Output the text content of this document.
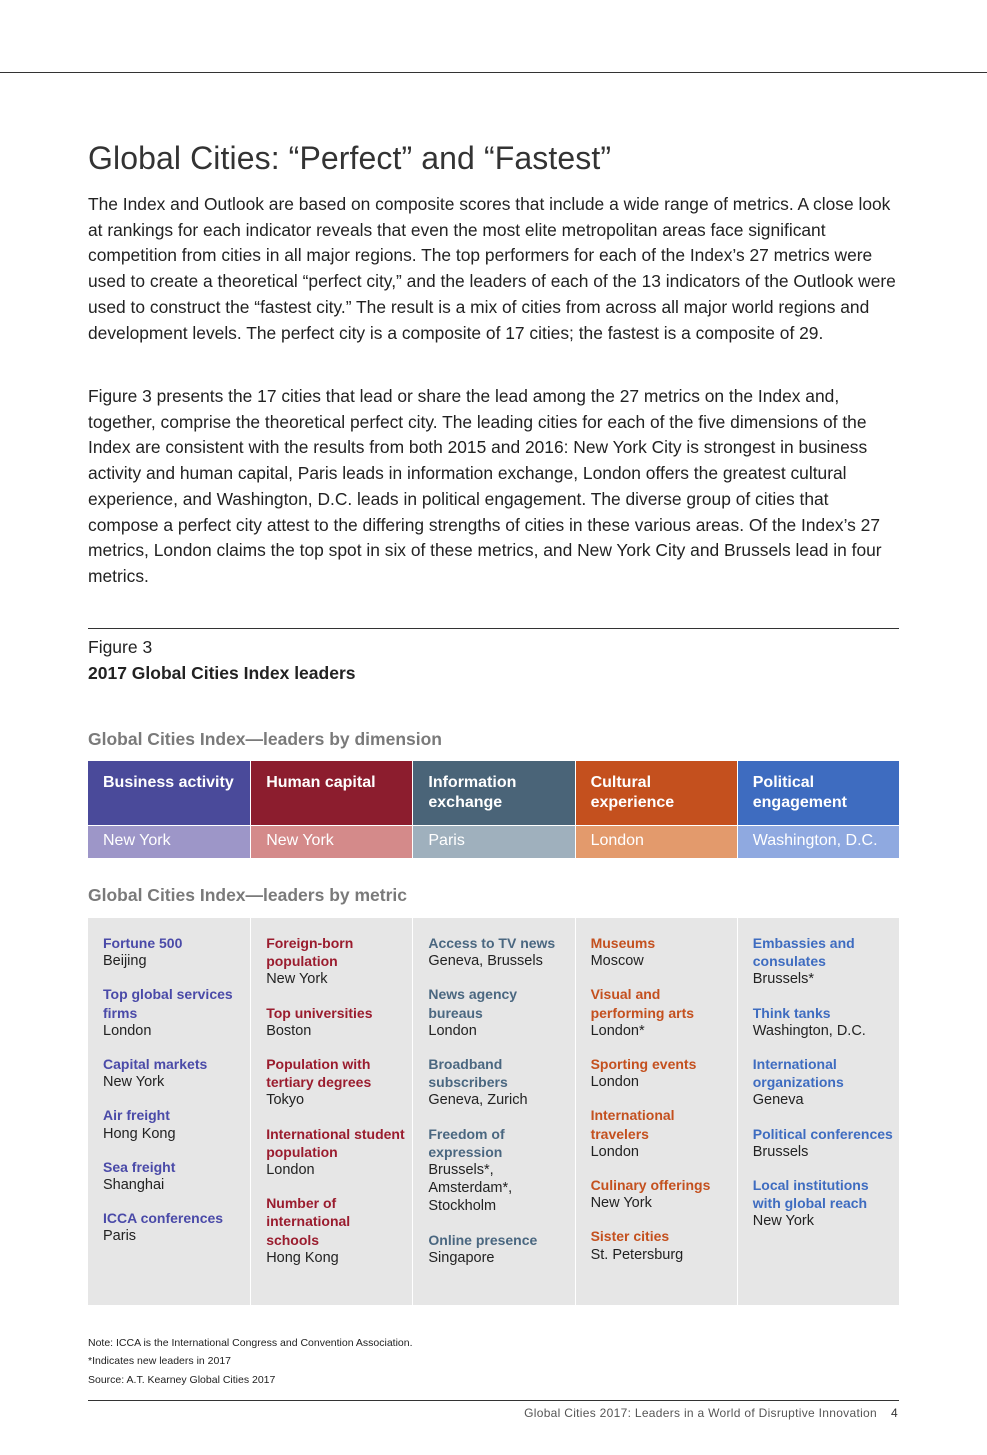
Global Cities: “Perfect” and “Fastest”

The Index and Outlook are based on composite scores that include a wide range of metrics. A close look at rankings for each indicator reveals that even the most elite metropolitan areas face significant competition from cities in all major regions. The top performers for each of the Index’s 27 metrics were used to create a theoretical “perfect city,” and the leaders of each of the 13 indicators of the Outlook were used to construct the “fastest city.” The result is a mix of cities from across all major world regions and development levels. The perfect city is a composite of 17 cities; the fastest is a composite of 29.

Figure 3 presents the 17 cities that lead or share the lead among the 27 metrics on the Index and, together, comprise the theoretical perfect city. The leading cities for each of the five dimensions of the Index are consistent with the results from both 2015 and 2016: New York City is strongest in business activity and human capital, Paris leads in information exchange, London offers the greatest cultural experience, and Washington, D.C. leads in political engagement. The diverse group of cities that compose a perfect city attest to the differing strengths of cities in these various areas. Of the Index’s 27 metrics, London claims the top spot in six of these metrics, and New York City and Brussels lead in four metrics.

Figure 3
2017 Global Cities Index leaders
Global Cities Index—leaders by dimension
Business activity
New York
Human capital
New York
Information exchange
Paris
Cultural experience
London
Political engagement
Washington, D.C.
Global Cities Index—leaders by metric
Fortune 500
Beijing
Top global services firms
London
Capital markets
New York
Air freight
Hong Kong
Sea freight
Shanghai
ICCA conferences
Paris
Foreign-born population
New York
Top universities
Boston
Population with tertiary degrees
Tokyo
International student population
London
Number of international schools
Hong Kong
Access to TV news
Geneva, Brussels
News agency bureaus
London
Broadband subscribers
Geneva, Zurich
Freedom of expression
Brussels*, Amsterdam*, Stockholm
Online presence
Singapore
Museums
Moscow
Visual and performing arts
London*
Sporting events
London
International travelers
London
Culinary offerings
New York
Sister cities
St. Petersburg
Embassies and consulates
Brussels*
Think tanks
Washington, D.C.
International organizations
Geneva
Political conferences
Brussels
Local institutions with global reach
New York
Note: ICCA is the International Congress and Convention Association.
*Indicates new leaders in 2017
Source: A.T. Kearney Global Cities 2017
Global Cities 2017: Leaders in a World of Disruptive Innovation 4
